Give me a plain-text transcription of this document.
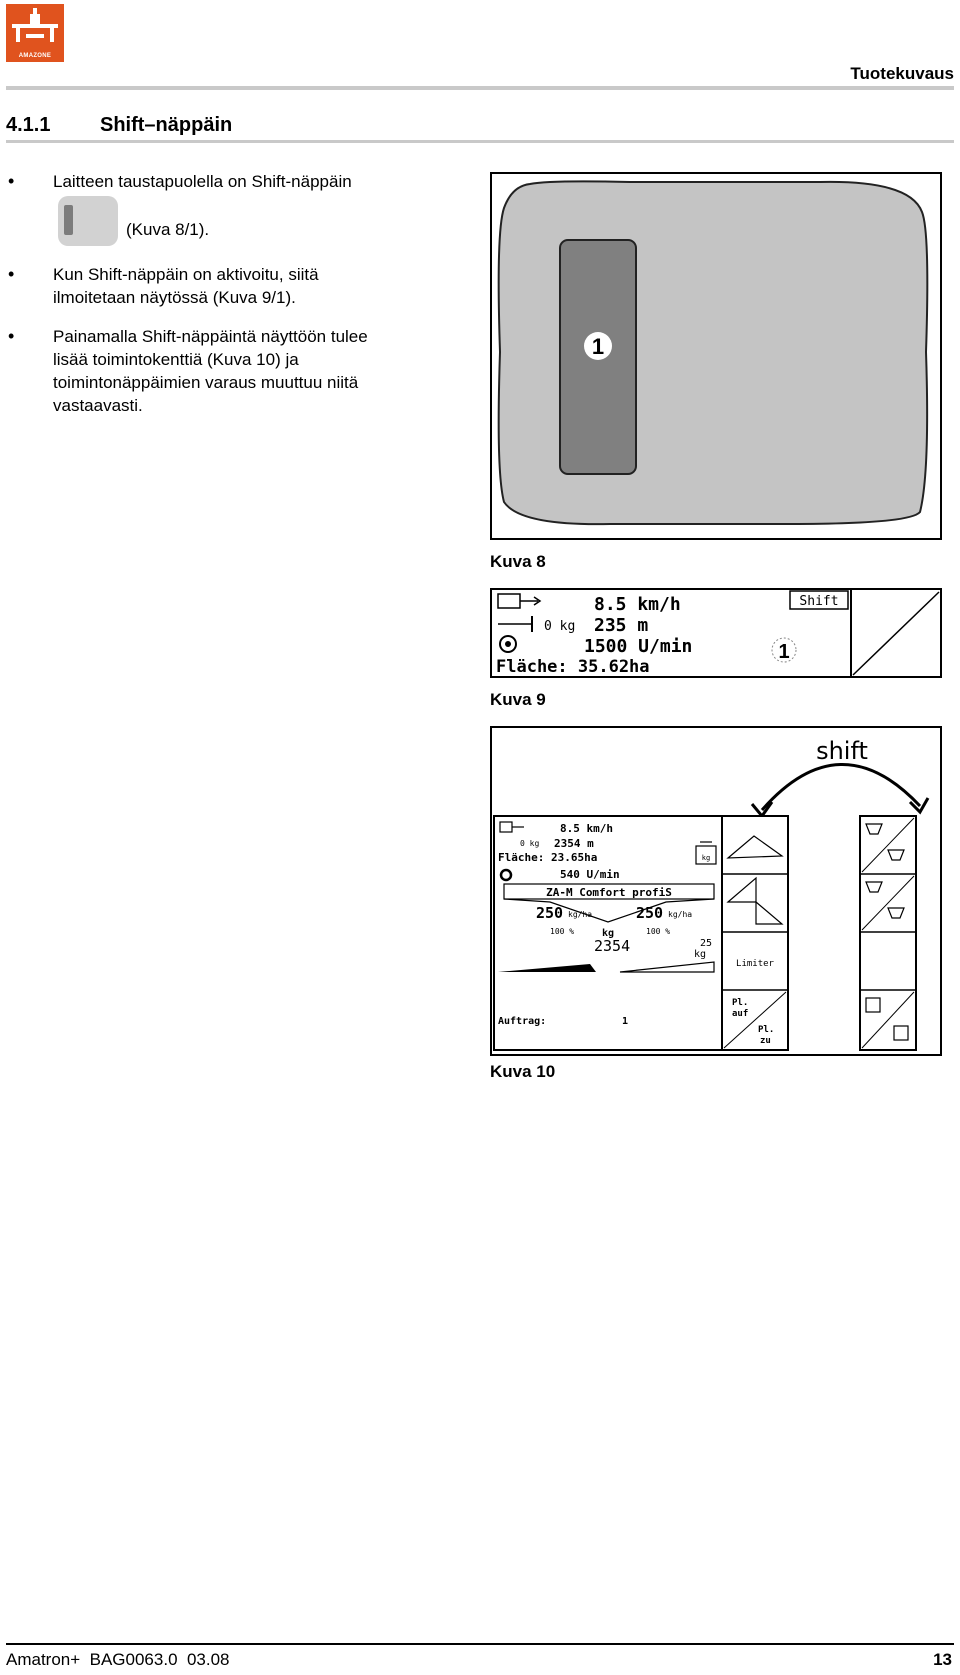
AMAZONE
Tuotekuvaus
4.1.1 Shift–näppäin
• Laitteen taustapuolella on Shift-näppäin
(Kuva 8/1).
• Kun Shift-näppäin on aktivoitu, siitä
ilmoitetaan näytössä (Kuva 9/1).
• Painamalla Shift-näppäintä näyttöön tulee
lisää toimintokenttiä (Kuva 10) ja
toimintonäppäimien varaus muuttuu niitä
vastaavasti.
1
Kuva 8
0 kg
8.5 km/h
235 m
1500 U/min
Fläche: 35.62ha
Shift
1
Kuva 9
shift
8.5 km/h
0 kg 2354 m
Fläche: 23.65ha
540 U/min
kg
ZA-M Comfort profiS
250 kg/ha	250 kg/ha
100 %	100 %
kg
2354	25
kg
Auftrag:	1
Limiter
Pl.
auf
Pl.
zu
Kuva 10
Amatron+  BAG0063.0  03.08	13
